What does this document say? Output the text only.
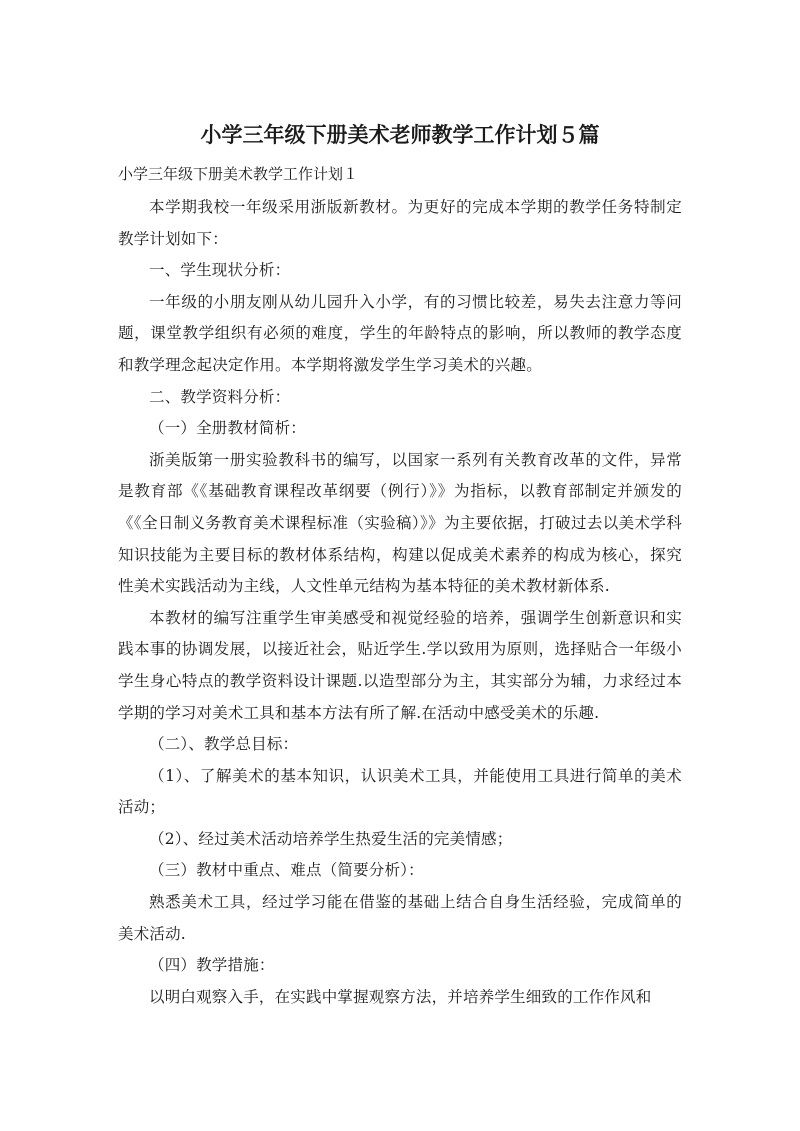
小学三年级下册美术老师教学工作计划５篇

小学三年级下册美术教学工作计划１

本学期我校一年级采用浙版新教材。为更好的完成本学期的教学任务特制定教学计划如下：

一、学生现状分析：

一年级的小朋友刚从幼儿园升入小学，有的习惯比较差，易失去注意力等问题，课堂教学组织有必须的难度，学生的年龄特点的影响，所以教师的教学态度和教学理念起决定作用。本学期将激发学生学习美术的兴趣。

二、教学资料分析：

（一）全册教材简析：

浙美版第一册实验教科书的编写，以国家一系列有关教育改革的文件，异常是教育部《《基础教育课程改革纲要（例行）》》为指标，以教育部制定并颁发的《《全日制义务教育美术课程标准（实验稿）》》为主要依据，打破过去以美术学科知识技能为主要目标的教材体系结构，构建以促成美术素养的构成为核心，探究性美术实践活动为主线，人文性单元结构为基本特征的美术教材新体系.

本教材的编写注重学生审美感受和视觉经验的培养，强调学生创新意识和实践本事的协调发展，以接近社会，贴近学生.学以致用为原则，选择贴合一年级小学生身心特点的教学资料设计课题.以造型部分为主，其实部分为辅，力求经过本学期的学习对美术工具和基本方法有所了解.在活动中感受美术的乐趣.

（二）、教学总目标：

（1）、了解美术的基本知识，认识美术工具，并能使用工具进行简单的美术活动；

（2）、经过美术活动培养学生热爱生活的完美情感；

（三）教材中重点、难点（简要分析）：

熟悉美术工具，经过学习能在借鉴的基础上结合自身生活经验，完成简单的美术活动.

（四）教学措施：

以明白观察入手，在实践中掌握观察方法，并培养学生细致的工作作风和
